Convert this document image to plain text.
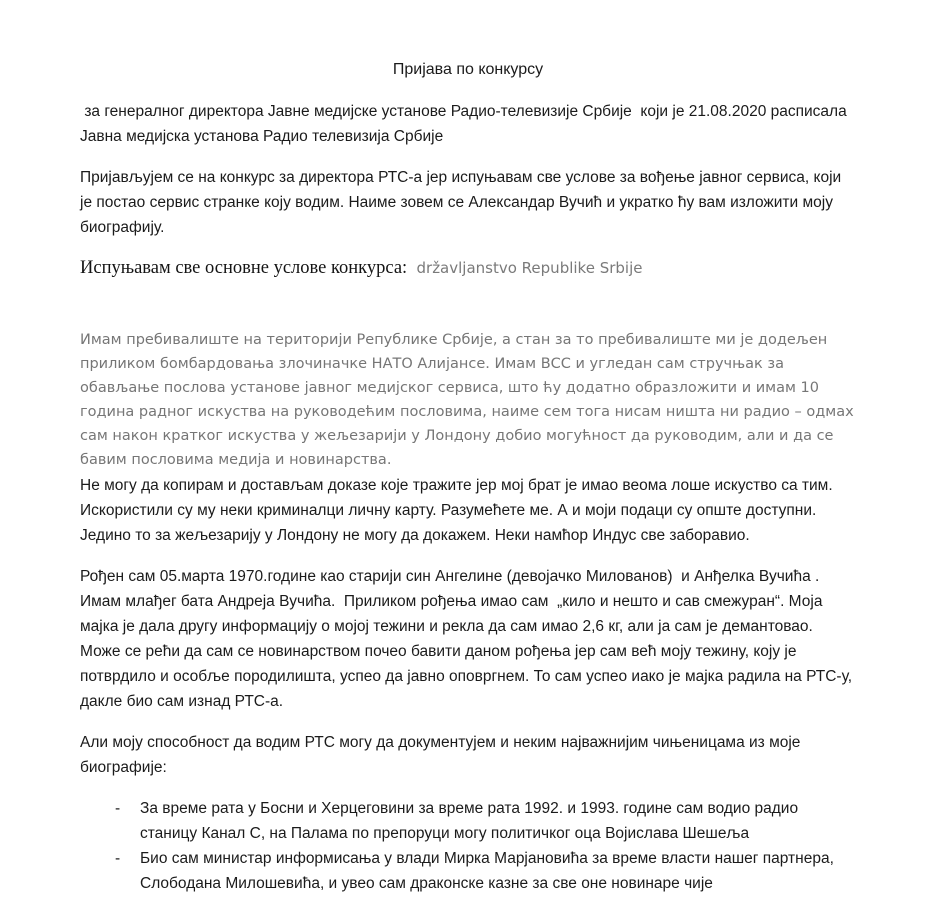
Пријава по конкурсу

за генералног директора Јавне медијске установе Радио-телевизије Србије  који је 21.08.2020 расписала Јавна медијска установа Радио телевизија Србије

Пријављујем се на конкурс за директора РТС-а јер испуњавам све услове за вођење јавног сервиса, који је постао сервис странке коју водим. Наиме зовем се Александар Вучић и укратко ћу вам изложити моју биографију.

Испуњавам све основне услове конкурса: državljanstvo Republike Srbije

Имам пребивалиште на територији Републике Србије, а стан за то пребивалиште ми је додељен приликом бомбардовања злочиначке НАТО Алијансе. Имам ВСС и угледан сам стручњак за обављање послова установе јавног медијског сервиса, што ћу додатно образложити и имам 10 година радног искуства на руководећим пословима, наиме сем тога нисам ништа ни радио – одмах сам након кратког искуства у жељезарији у Лондону добио могућност да руководим, али и да се бавим пословима медија и новинарства.

Не могу да копирам и достављам доказе које тражите јер мој брат је имао веома лоше искуство са тим. Искористили су му неки криминалци личну карту. Разумећете ме. А и моји подаци су опште доступни. Једино то за жељезарију у Лондону не могу да докажем. Неки намћор Индус све заборавио.

Рођен сам 05.марта 1970.године као старији син Ангелине (девојачко Милованов)  и Анђелка Вучића . Имам млађег бата Андреја Вучића.  Приликом рођења имао сам  „кило и нешто и сав смежуран“. Моја мајка је дала другу информацију о мојој тежини и рекла да сам имао 2,6 кг, али ја сам је демантовао. Може се рећи да сам се новинарством почео бавити даном рођења јер сам већ моју тежину, коју је потврдило и особље породилишта, успео да јавно оповргнем. То сам успео иако је мајка радила на РТС-у, дакле био сам изнад РТС-а.

Али моју способност да водим РТС могу да документујем и неким најважнијим чињеницама из моје биографије:

-	За време рата у Босни и Херцеговини за време рата 1992. и 1993. године сам водио радио станицу Канал С, на Палама по препоруци могу политичког оца Војислава Шешеља
-	Био сам министар информисања у влади Мирка Марјановића за време власти нашег партнера, Слободана Милошевића, и увео сам драконске казне за све оне новинаре чије
